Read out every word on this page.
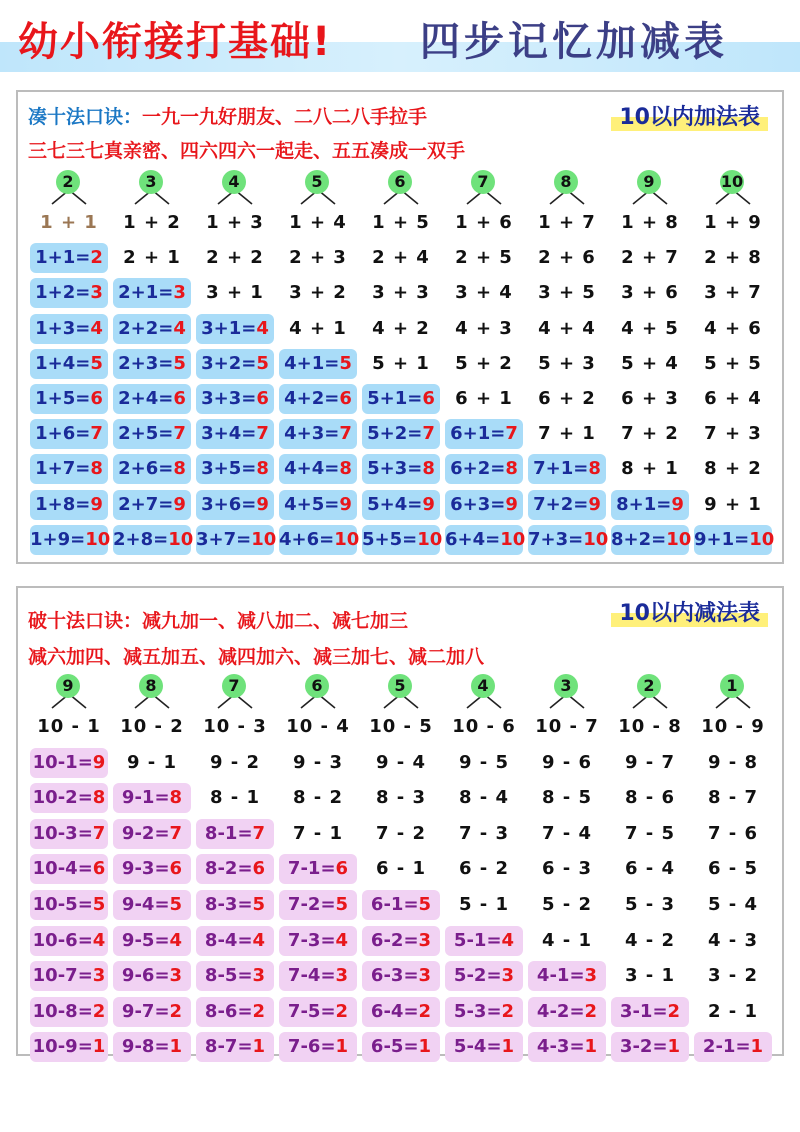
幼小衔接打基础! 四步记忆加减表
凑十法口诀：一九一九好朋友、二八二八手拉手
三七三七真亲密、四六四六一起走、五五凑成一双手
10以内加法表
2
1 + 1
1+1=2
1+2=3
1+3=4
1+4=5
1+5=6
1+6=7
1+7=8
1+8=9
1+9=10
3
1 + 2
2 + 1
2+1=3
2+2=4
2+3=5
2+4=6
2+5=7
2+6=8
2+7=9
2+8=10
4
1 + 3
2 + 2
3 + 1
3+1=4
3+2=5
3+3=6
3+4=7
3+5=8
3+6=9
3+7=10
5
1 + 4
2 + 3
3 + 2
4 + 1
4+1=5
4+2=6
4+3=7
4+4=8
4+5=9
4+6=10
6
1 + 5
2 + 4
3 + 3
4 + 2
5 + 1
5+1=6
5+2=7
5+3=8
5+4=9
5+5=10
7
1 + 6
2 + 5
3 + 4
4 + 3
5 + 2
6 + 1
6+1=7
6+2=8
6+3=9
6+4=10
8
1 + 7
2 + 6
3 + 5
4 + 4
5 + 3
6 + 2
7 + 1
7+1=8
7+2=9
7+3=10
9
1 + 8
2 + 7
3 + 6
4 + 5
5 + 4
6 + 3
7 + 2
8 + 1
8+1=9
8+2=10
10
1 + 9
2 + 8
3 + 7
4 + 6
5 + 5
6 + 4
7 + 3
8 + 2
9 + 1
9+1=10
破十法口诀：减九加一、减八加二、减七加三
减六加四、减五加五、减四加六、减三加七、减二加八
10以内减法表
9
10 - 1
10-1=9
10-2=8
10-3=7
10-4=6
10-5=5
10-6=4
10-7=3
10-8=2
10-9=1
8
10 - 2
9 - 1
9-1=8
9-2=7
9-3=6
9-4=5
9-5=4
9-6=3
9-7=2
9-8=1
7
10 - 3
9 - 2
8 - 1
8-1=7
8-2=6
8-3=5
8-4=4
8-5=3
8-6=2
8-7=1
6
10 - 4
9 - 3
8 - 2
7 - 1
7-1=6
7-2=5
7-3=4
7-4=3
7-5=2
7-6=1
5
10 - 5
9 - 4
8 - 3
7 - 2
6 - 1
6-1=5
6-2=3
6-3=3
6-4=2
6-5=1
4
10 - 6
9 - 5
8 - 4
7 - 3
6 - 2
5 - 1
5-1=4
5-2=3
5-3=2
5-4=1
3
10 - 7
9 - 6
8 - 5
7 - 4
6 - 3
5 - 2
4 - 1
4-1=3
4-2=2
4-3=1
2
10 - 8
9 - 7
8 - 6
7 - 5
6 - 4
5 - 3
4 - 2
3 - 1
3-1=2
3-2=1
1
10 - 9
9 - 8
8 - 7
7 - 6
6 - 5
5 - 4
4 - 3
3 - 2
2 - 1
2-1=1
